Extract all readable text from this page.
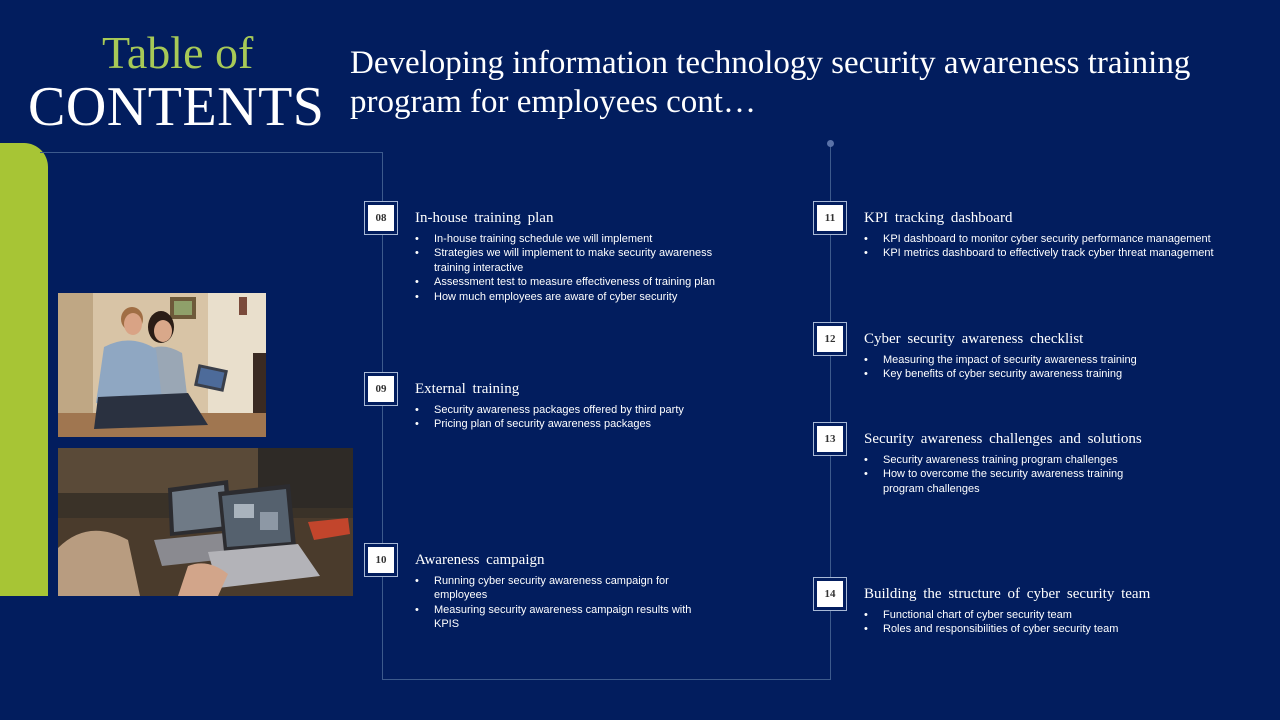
Table of
CONTENTS
Developing information technology security awareness training program for employees cont…
08	In-house training plan
• In-house training schedule we will implement
• Strategies we will implement to make security awareness training interactive
• Assessment test to measure effectiveness of training plan
• How much employees are aware of cyber security
09	External training
• Security awareness packages offered by third party
• Pricing plan of security awareness packages
10	Awareness campaign
• Running cyber security awareness campaign for employees
• Measuring security awareness campaign results with KPIS
11	KPI tracking dashboard
• KPI dashboard to monitor cyber security performance management
• KPI metrics dashboard to effectively track cyber threat management
12	Cyber security awareness checklist
• Measuring the impact of security awareness training
• Key benefits of cyber security awareness training
13	Security awareness challenges and solutions
• Security awareness training program challenges
• How to overcome the security awareness training program challenges
14	Building the structure of cyber security team
• Functional chart of cyber security team
• Roles and responsibilities of cyber security team
